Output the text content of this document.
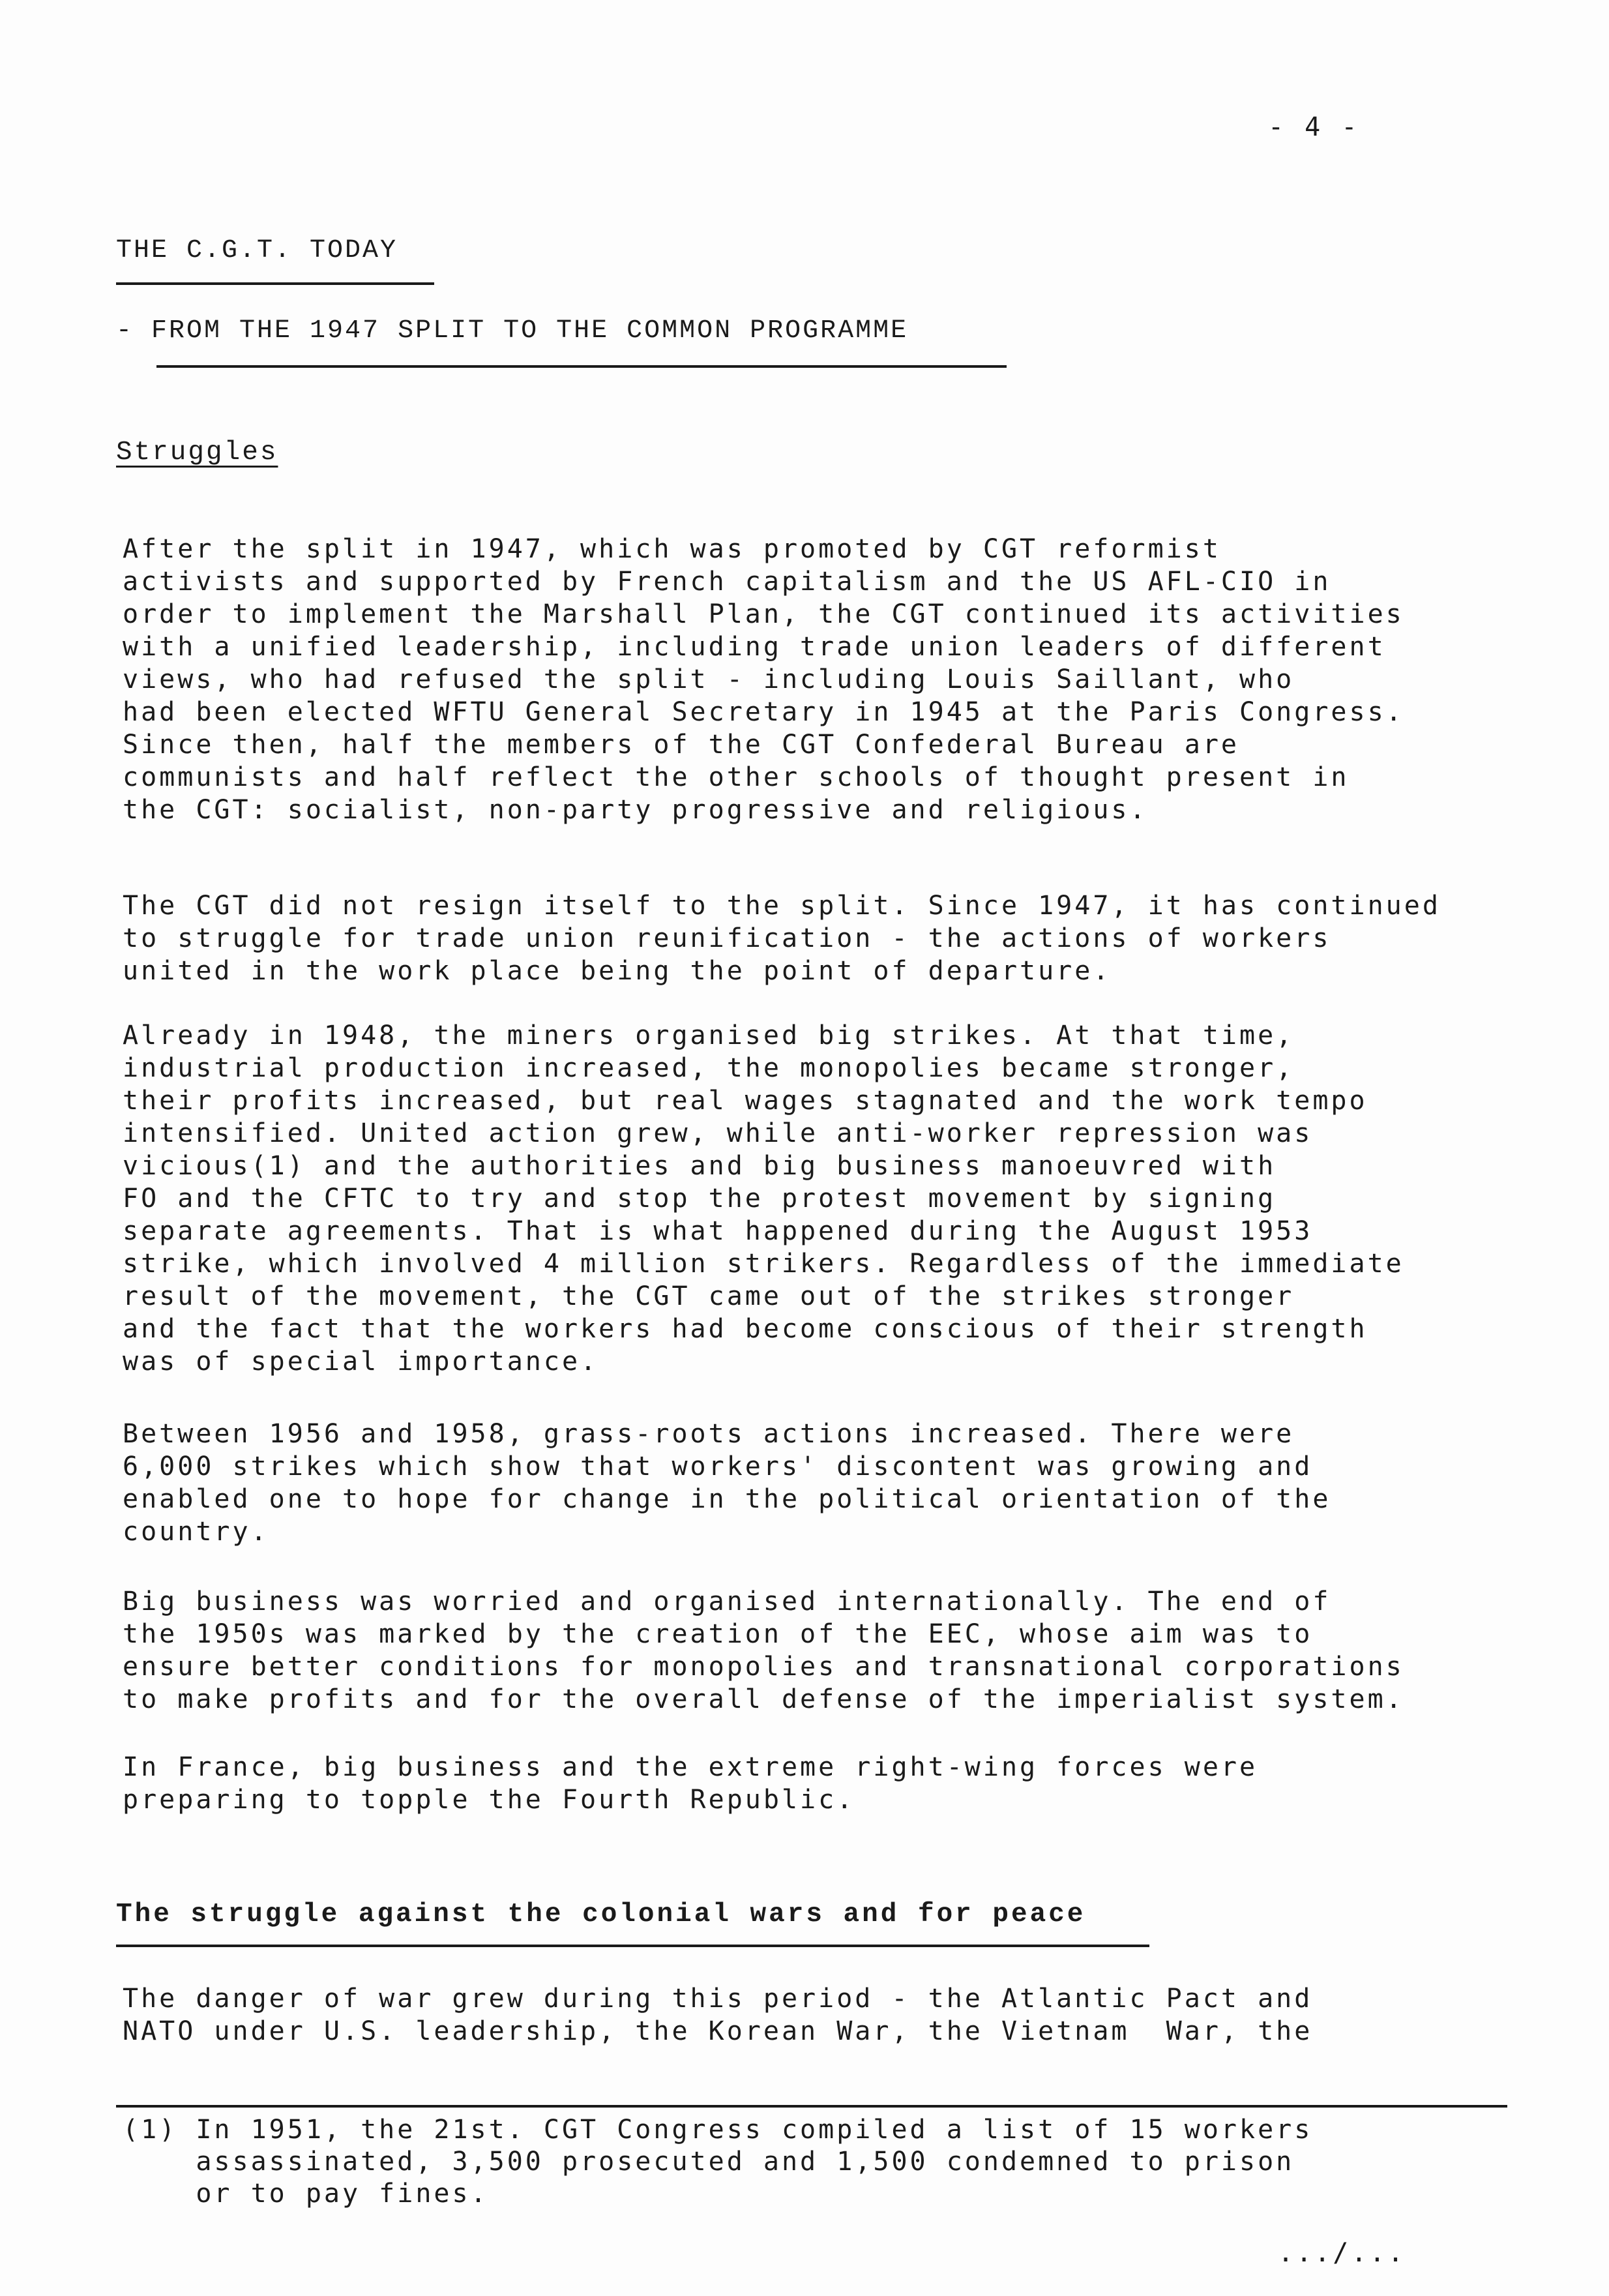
- 4 -
THE C.G.T. TODAY
- FROM THE 1947 SPLIT TO THE COMMON PROGRAMME
Struggles
After the split in 1947, which was promoted by CGT reformist
activists and supported by French capitalism and the US AFL-CIO in
order to implement the Marshall Plan, the CGT continued its activities
with a unified leadership, including trade union leaders of different
views, who had refused the split - including Louis Saillant, who
had been elected WFTU General Secretary in 1945 at the Paris Congress.
Since then, half the members of the CGT Confederal Bureau are
communists and half reflect the other schools of thought present in
the CGT: socialist, non-party progressive and religious.
The CGT did not resign itself to the split. Since 1947, it has continued
to struggle for trade union reunification - the actions of workers
united in the work place being the point of departure.
Already in 1948, the miners organised big strikes. At that time,
industrial production increased, the monopolies became stronger,
their profits increased, but real wages stagnated and the work tempo
intensified. United action grew, while anti-worker repression was
vicious(1) and the authorities and big business manoeuvred with
FO and the CFTC to try and stop the protest movement by signing
separate agreements. That is what happened during the August 1953
strike, which involved 4 million strikers. Regardless of the immediate
result of the movement, the CGT came out of the strikes stronger
and the fact that the workers had become conscious of their strength
was of special importance.
Between 1956 and 1958, grass-roots actions increased. There were
6,000 strikes which show that workers' discontent was growing and
enabled one to hope for change in the political orientation of the
country.
Big business was worried and organised internationally. The end of
the 1950s was marked by the creation of the EEC, whose aim was to
ensure better conditions for monopolies and transnational corporations
to make profits and for the overall defense of the imperialist system.
In France, big business and the extreme right-wing forces were
preparing to topple the Fourth Republic.
The struggle against the colonial wars and for peace
The danger of war grew during this period - the Atlantic Pact and
NATO under U.S. leadership, the Korean War, the Vietnam  War, the
(1) In 1951, the 21st. CGT Congress compiled a list of 15 workers
assassinated, 3,500 prosecuted and 1,500 condemned to prison
or to pay fines.
.../...
